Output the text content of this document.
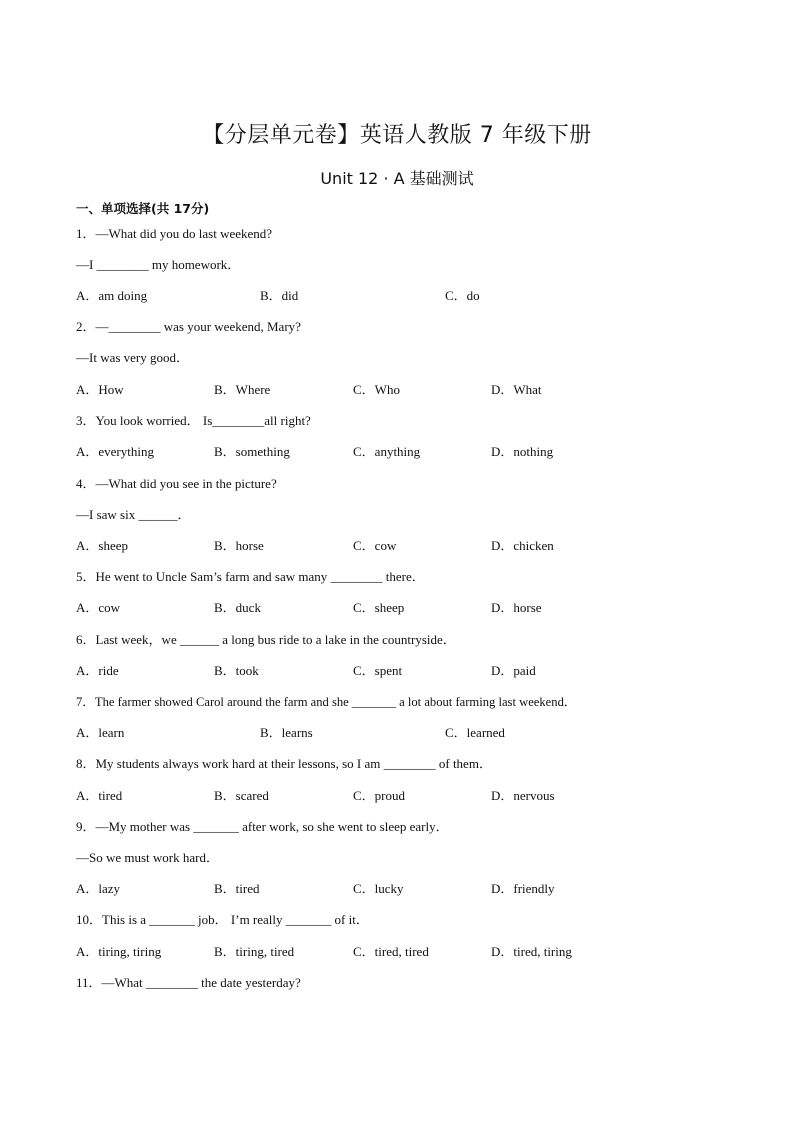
【分层单元卷】英语人教版 7 年级下册
Unit 12 · A 基础测试
一、单项选择(共 17分)
1．—What did you do last weekend?
—I ________ my homework．
A．am doing	B．did	C．do
2．—________ was your weekend, Mary?
—It was very good．
A．How	B．Where	C．Who	D．What
3．You look worried． Is________all right?
A．everything	B．something	C．anything	D．nothing
4．—What did you see in the picture?
—I saw six ______．
A．sheep	B．horse	C．cow	D．chicken
5．He went to Uncle Sam’s farm and saw many ________ there．
A．cow	B．duck	C．sheep	D．horse
6．Last week，we ______ a long bus ride to a lake in the countryside．
A．ride	B．took	C．spent	D．paid
7．The farmer showed Carol around the farm and she _______ a lot about farming last weekend．
A．learn	B．learns	C．learned
8．My students always work hard at their lessons, so I am ________ of them．
A．tired	B．scared	C．proud	D．nervous
9．—My mother was _______ after work, so she went to sleep early．
—So we must work hard．
A．lazy	B．tired	C．lucky	D．friendly
10．This is a _______ job． I’m really _______ of it．
A．tiring, tiring	B．tiring, tired	C．tired, tired	D．tired, tiring
11．—What ________ the date yesterday?
